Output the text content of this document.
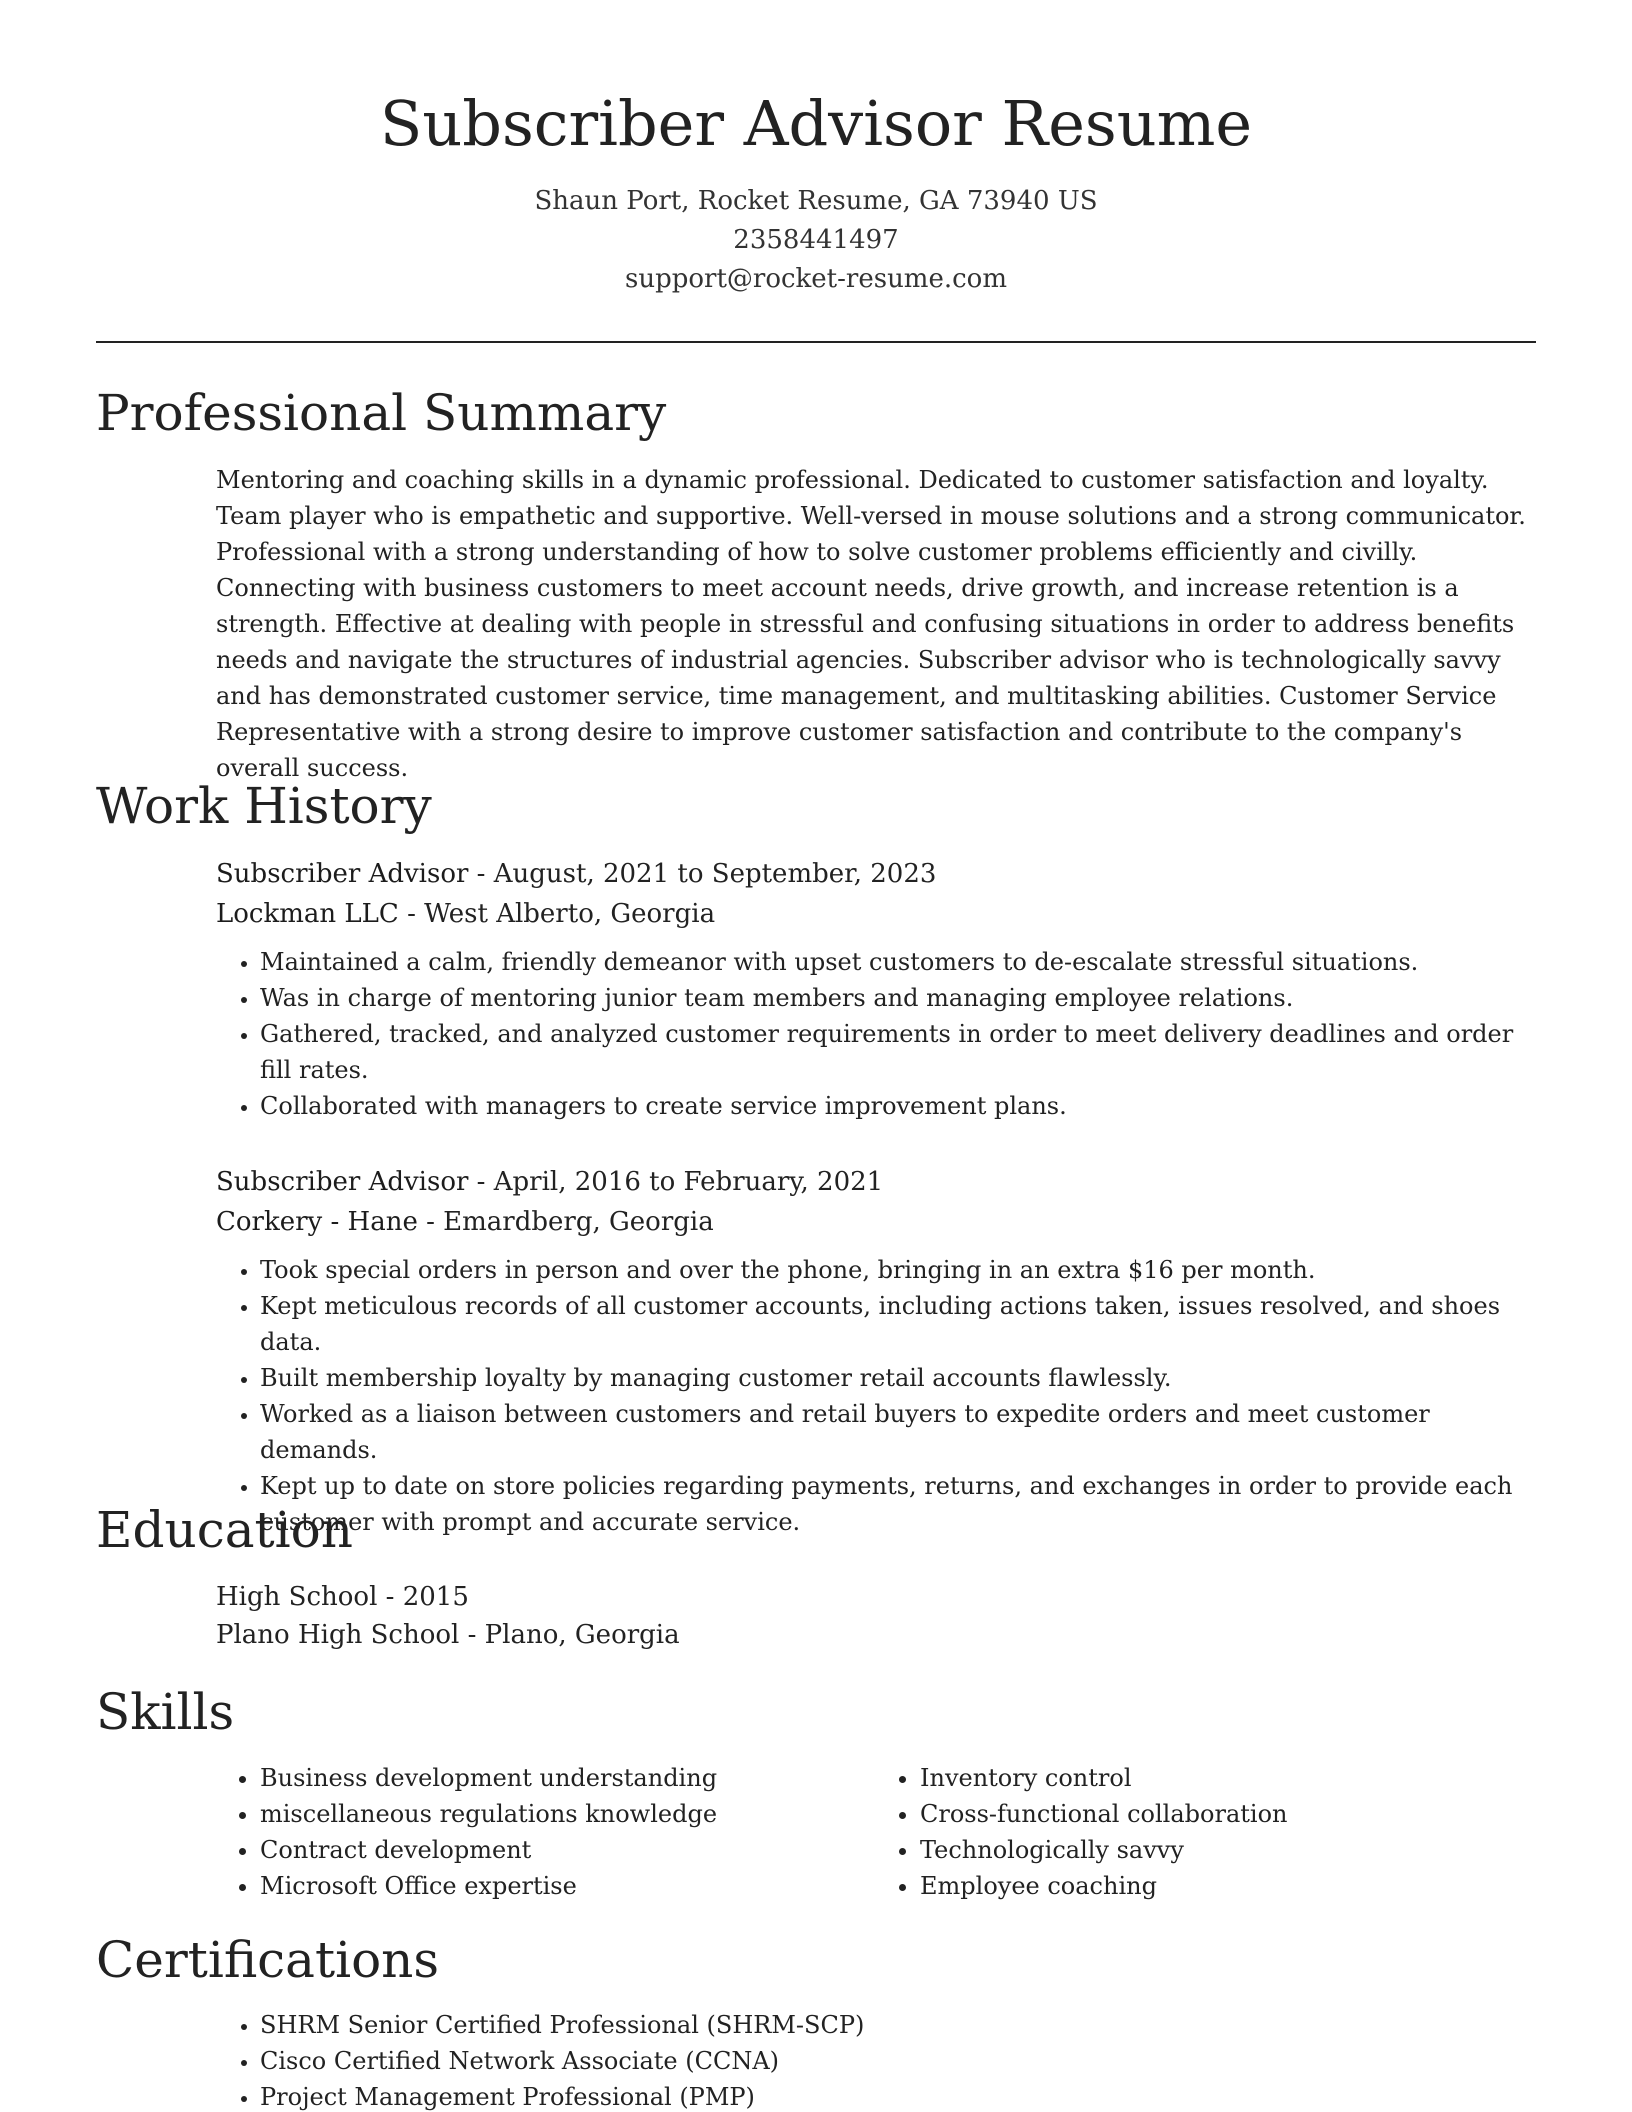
Subscriber Advisor Resume
Shaun Port, Rocket Resume, GA 73940 US
2358441497
support@rocket-resume.com
Professional Summary

Mentoring and coaching skills in a dynamic professional. Dedicated to customer satisfaction and loyalty. Team player who is empathetic and supportive. Well-versed in mouse solutions and a strong communicator. Professional with a strong understanding of how to solve customer problems efficiently and civilly. Connecting with business customers to meet account needs, drive growth, and increase retention is a strength. Effective at dealing with people in stressful and confusing situations in order to address benefits needs and navigate the structures of industrial agencies. Subscriber advisor who is technologically savvy and has demonstrated customer service, time management, and multitasking abilities. Customer Service Representative with a strong desire to improve customer satisfaction and contribute to the company's overall success.

Work History

Subscriber Advisor - August, 2021 to September, 2023

Lockman LLC - West Alberto, Georgia

• Maintained a calm, friendly demeanor with upset customers to de-escalate stressful situations.
• Was in charge of mentoring junior team members and managing employee relations.
• Gathered, tracked, and analyzed customer requirements in order to meet delivery deadlines and order fill rates.
• Collaborated with managers to create service improvement plans.

Subscriber Advisor - April, 2016 to February, 2021

Corkery - Hane - Emardberg, Georgia

• Took special orders in person and over the phone, bringing in an extra $16 per month.
• Kept meticulous records of all customer accounts, including actions taken, issues resolved, and shoes data.
• Built membership loyalty by managing customer retail accounts flawlessly.
• Worked as a liaison between customers and retail buyers to expedite orders and meet customer demands.
• Kept up to date on store policies regarding payments, returns, and exchanges in order to provide each customer with prompt and accurate service.
Education

High School - 2015

Plano High School - Plano, Georgia

Skills
• Business development understanding
• miscellaneous regulations knowledge
• Contract development
• Microsoft Office expertise
• Inventory control
• Cross-functional collaboration
• Technologically savvy
• Employee coaching
Certifications
• SHRM Senior Certified Professional (SHRM-SCP)
• Cisco Certified Network Associate (CCNA)
• Project Management Professional (PMP)
